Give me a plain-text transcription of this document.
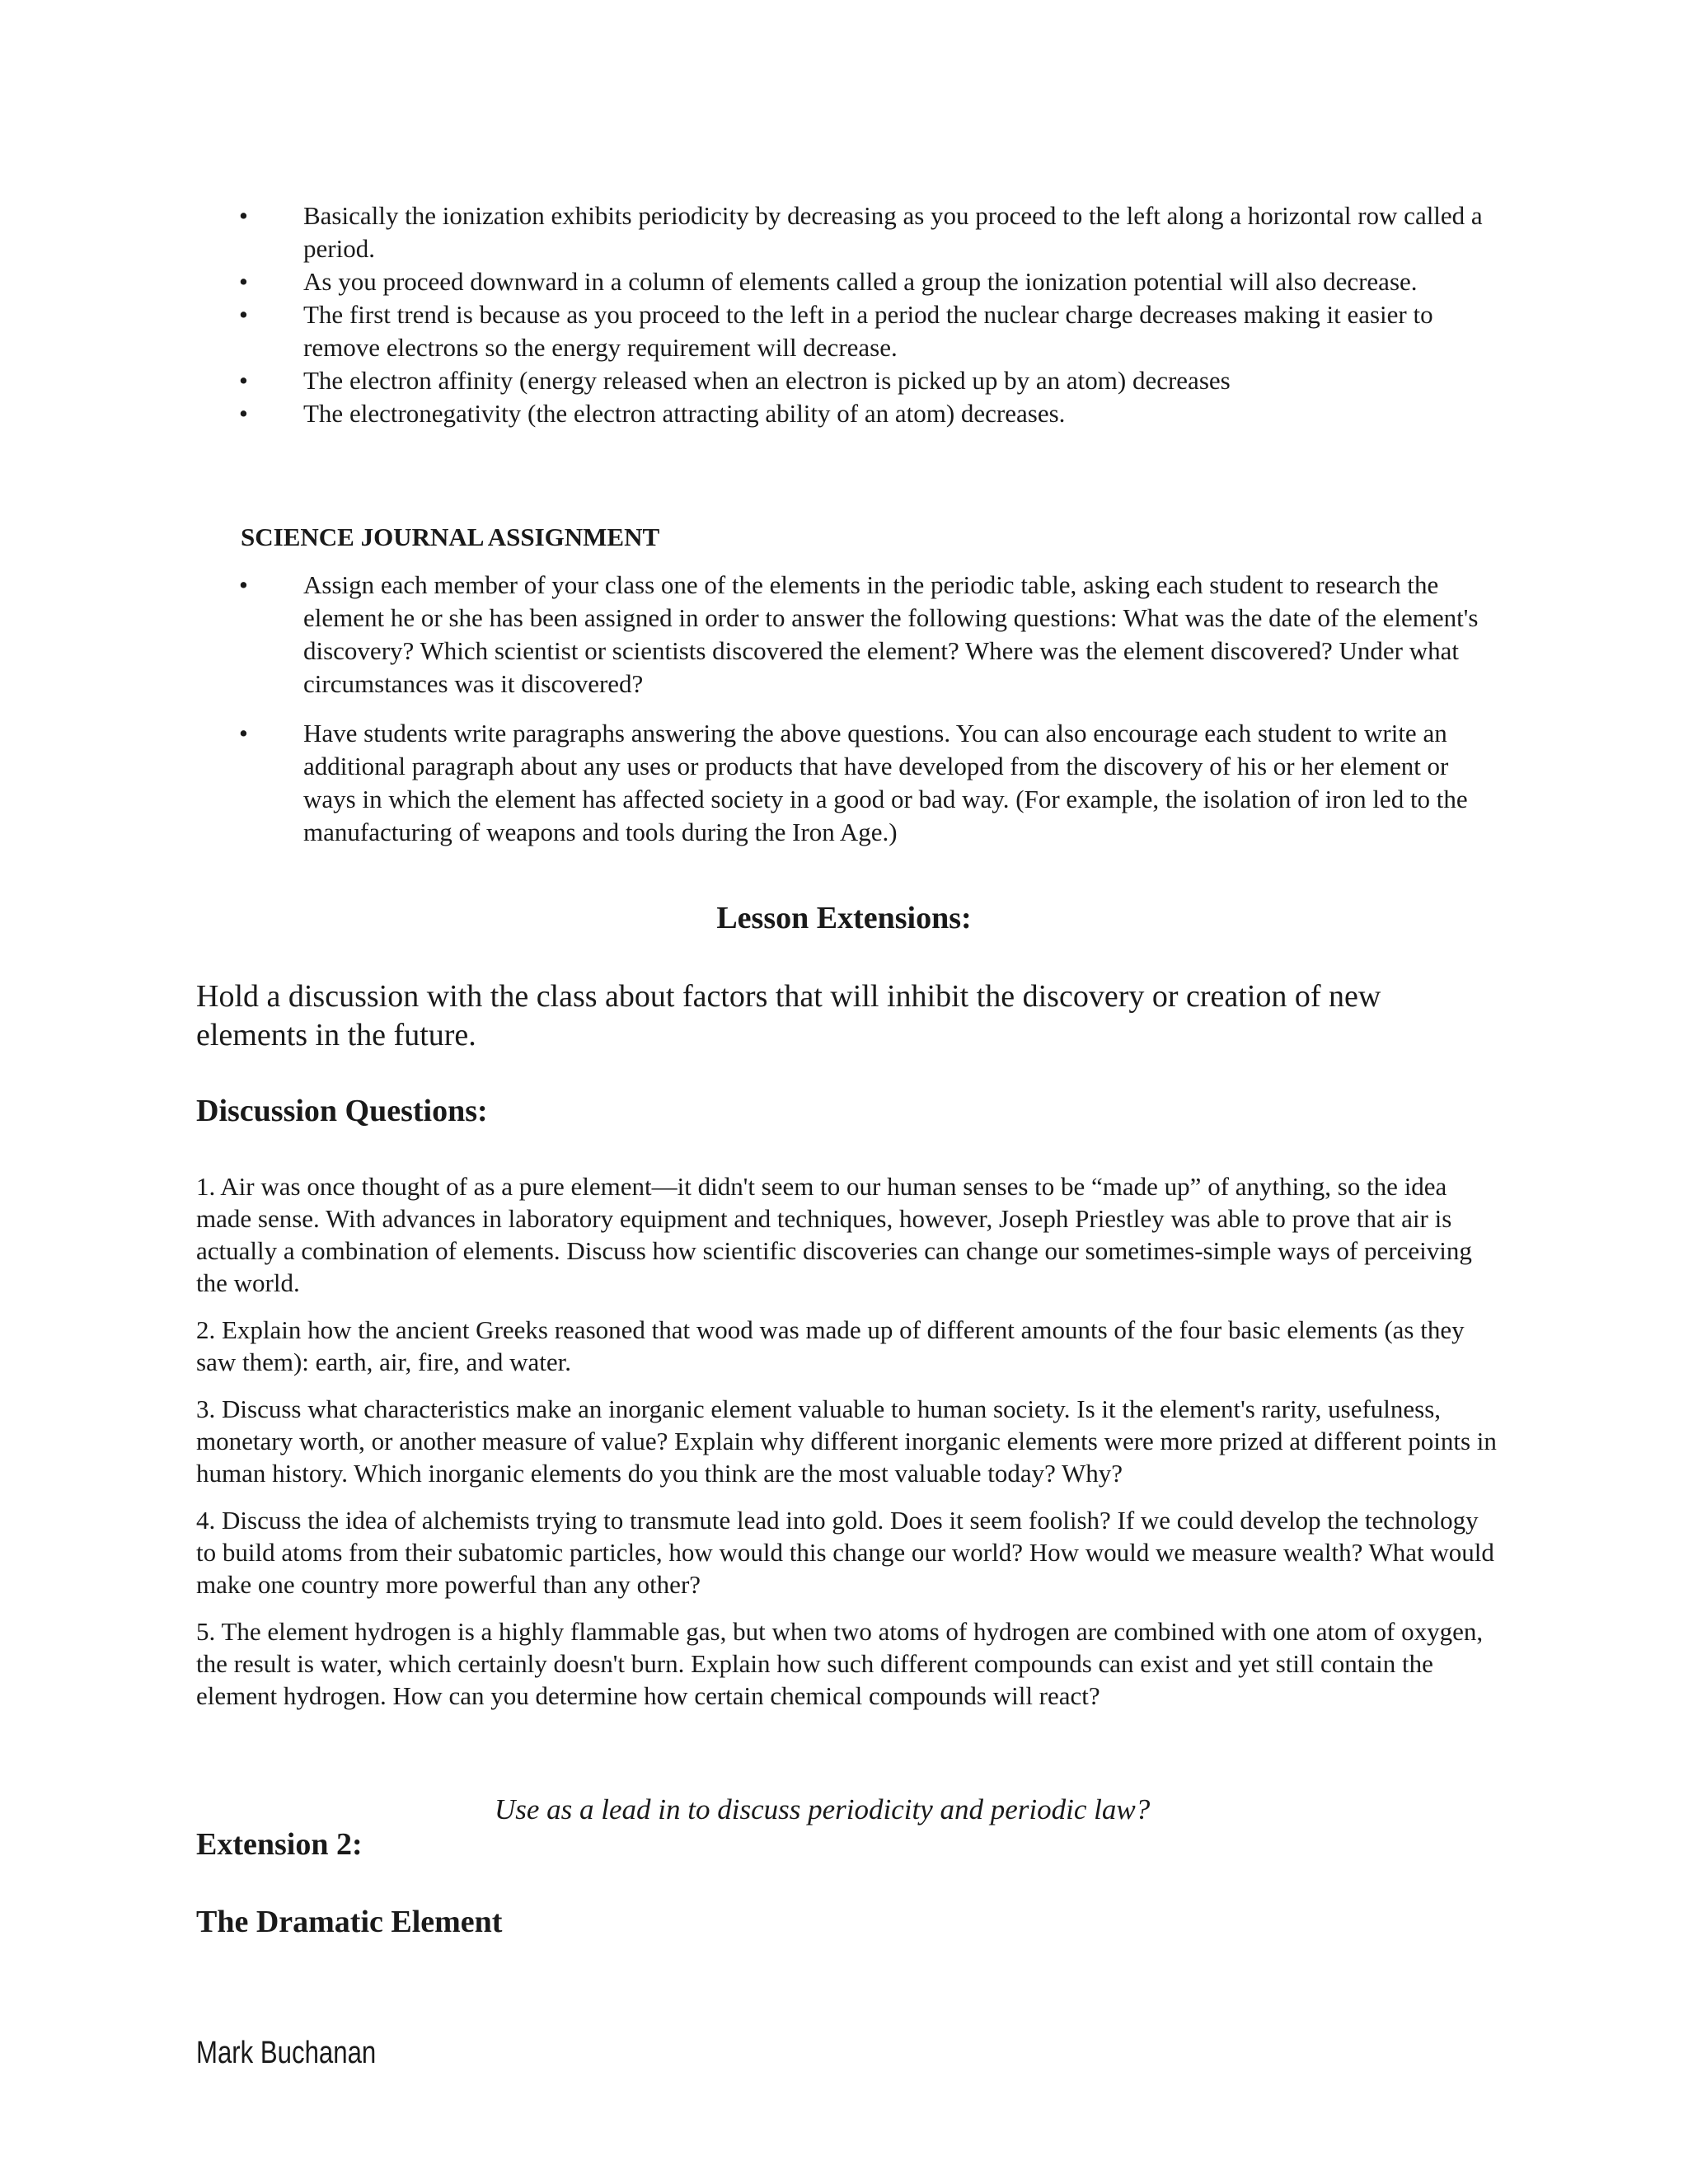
• Basically the ionization exhibits periodicity by decreasing as you proceed to the left along a horizontal row called a period.
• As you proceed downward in a column of elements called a group the ionization potential will also decrease.
• The first trend is because as you proceed to the left in a period the nuclear charge decreases making it easier to remove electrons so the energy requirement will decrease.
• The electron affinity (energy released when an electron is picked up by an atom) decreases
• The electronegativity (the electron attracting ability of an atom) decreases.
SCIENCE JOURNAL ASSIGNMENT
• Assign each member of your class one of the elements in the periodic table, asking each student to research the element he or she has been assigned in order to answer the following questions: What was the date of the element's discovery? Which scientist or scientists discovered the element? Where was the element discovered? Under what circumstances was it discovered?
• Have students write paragraphs answering the above questions. You can also encourage each student to write an additional paragraph about any uses or products that have developed from the discovery of his or her element or ways in which the element has affected society in a good or bad way. (For example, the isolation of iron led to the manufacturing of weapons and tools during the Iron Age.)
Lesson Extensions:

Hold a discussion with the class about factors that will inhibit the discovery or creation of new elements in the future.

Discussion Questions:

1. Air was once thought of as a pure element—it didn't seem to our human senses to be “made up” of anything, so the idea made sense. With advances in laboratory equipment and techniques, however, Joseph Priestley was able to prove that air is actually a combination of elements. Discuss how scientific discoveries can change our sometimes-simple ways of perceiving the world.

2. Explain how the ancient Greeks reasoned that wood was made up of different amounts of the four basic elements (as they saw them): earth, air, fire, and water.

3. Discuss what characteristics make an inorganic element valuable to human society. Is it the element's rarity, usefulness, monetary worth, or another measure of value? Explain why different inorganic elements were more prized at different points in human history. Which inorganic elements do you think are the most valuable today? Why?

4. Discuss the idea of alchemists trying to transmute lead into gold. Does it seem foolish? If we could develop the technology to build atoms from their subatomic particles, how would this change our world? How would we measure wealth? What would make one country more powerful than any other?

5. The element hydrogen is a highly flammable gas, but when two atoms of hydrogen are combined with one atom of oxygen, the result is water, which certainly doesn't burn. Explain how such different compounds can exist and yet still contain the element hydrogen. How can you determine how certain chemical compounds will react?

Use as a lead in to discuss periodicity and periodic law?

Extension 2:
The Dramatic Element

Mark Buchanan
